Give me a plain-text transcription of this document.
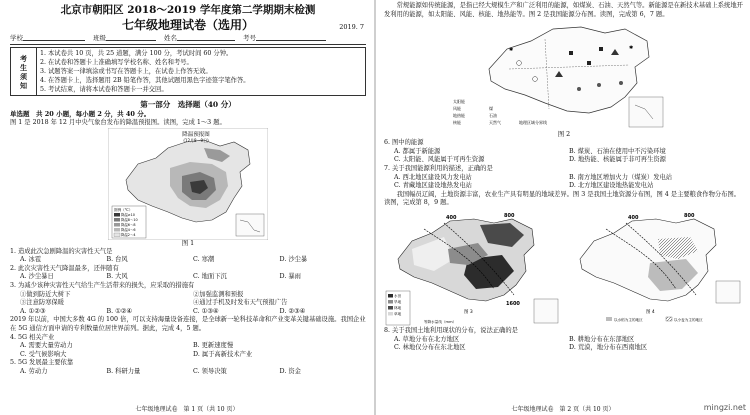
北京市朝阳区 2018～2019 学年度第二学期期末检测
七年级地理试卷（选用）	2019. 7
学校	班级	姓名	考号
考
生
须
知
1. 本试卷共 10 页，共 25 道题，满分 100 分，考试时间 60 分钟。
2. 在试卷和答题卡上准确填写学校名称、姓名和考号。
3. 试题答案一律填涂或书写在答题卡上，在试卷上作答无效。
4. 在答题卡上，选择题用 2B 铅笔作答，其他试题用黑色字迹签字笔作答。
5. 考试结束，请将本试卷和答题卡一并交回。
第一部分　选择题（40 分）
单选题　共 20 小题，每小题 2 分，共 40 分。
图 1 是 2018 年 12 月中央气象台发布的降温预报图。读图，完成 1～3 题。
降温预报图
(12月8—9日)
图例（℃）
降温≥10
降温8～10
降温6～8
降温4～6
降温2～4
图 1
1. 造成此次急剧降温的灾害性天气是
A. 冰雹	B. 台风	C. 寒潮	D. 沙尘暴
2. 此次灾害性天气降温最多，还伴随有
A. 沙尘暴日	B. 大风	C. 地面下沉	D. 暴雨
3. 为减少该种灾害性天气给生产生活带来的损失，应采取的措施有
①做到防近大树下	②加强监测和预报
③注意防寒保暖	④通过手机及时发布天气预报广告
A. ①②③	B. ①②④	C. ①③④	D. ②③④
2019 年以前，中国大多数 4G 的 100 倍，可以支持海量设备连接，是全球新一轮科技革命和产业变革关键基础设施。我国企业在 5G 通信方面申请的专利数量位居世界前列。据此，完成 4，5 题。
4. 5G 相关产业
A. 需要大量劳动力	B. 更新速度慢
C. 受气候影响大	D. 属于高新技术产业
5. 5G 发展最主要依靠
A. 劳动力	B. 科研力量	C. 领导决策	D. 资金
七年级地理试卷　第 1 页（共 10 页）
　　常规能源如传统能源，是指已经大规模生产和广泛利用的能源，如煤炭、石油、天然气等。新能源是在新技术基础上系统地开发利用的能源，如太阳能、风能、核能、地热能等。图 2 是我国能源分布图。读图，完成第 6，7 题。
✱
✱
太阳能
风能
地热能
核能
煤
石油
天然气	地理区域分界线
图 2
6. 图中的能源
A. 都属于新能源	B. 煤炭、石油在使用中不污染环境
C. 太阳能、风能属于可再生资源	D. 地热能、核能属于非可再生资源
7. 关于我国能源利用的描述，正确的是
A. 西北地区建设风力发电站	B. 南方地区增加火力（煤炭）发电站
C. 青藏地区建设地热发电站	D. 北方地区建设地热能发电站
　　我国幅员辽阔，土地资源丰富，农业生产具有明显的地域差异。图 3 是我国土地资源分布图，图 4 是主要粮食作物分布图。读图，完成第 8，9 题。
400	800
1600
水田
旱地
林地
草地
等降水量线（mm）
图 3
400	800
以水稻为主的地区	以小麦为主的地区
图 4
8. 关于我国土地利用现状的分布，说法正确的是
A. 草地分布在北方地区	B. 耕地分布在东部地区
C. 林地仅分布在东北地区	D. 荒漠，地分布在西南地区
七年级地理试卷　第 2 页（共 10 页）	mingzi.net
